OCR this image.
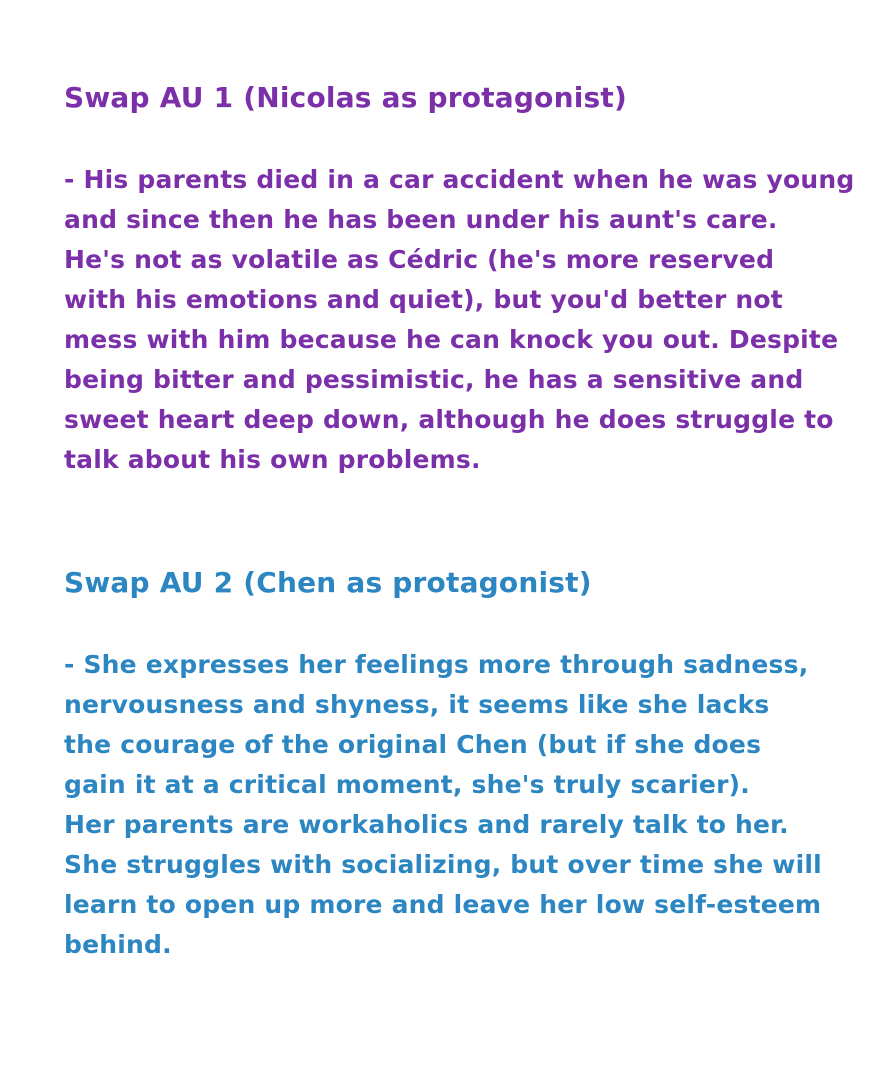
Swap AU 1 (Nicolas as protagonist)
- His parents died in a car accident when he was young
and since then he has been under his aunt's care.
He's not as volatile as Cédric (he's more reserved
with his emotions and quiet), but you'd better not
mess with him because he can knock you out. Despite
being bitter and pessimistic, he has a sensitive and
sweet heart deep down, although he does struggle to
talk about his own problems.
Swap AU 2 (Chen as protagonist)
- She expresses her feelings more through sadness,
nervousness and shyness, it seems like she lacks
the courage of the original Chen (but if she does
gain it at a critical moment, she's truly scarier).
Her parents are workaholics and rarely talk to her.
She struggles with socializing, but over time she will
learn to open up more and leave her low self-esteem
behind.
